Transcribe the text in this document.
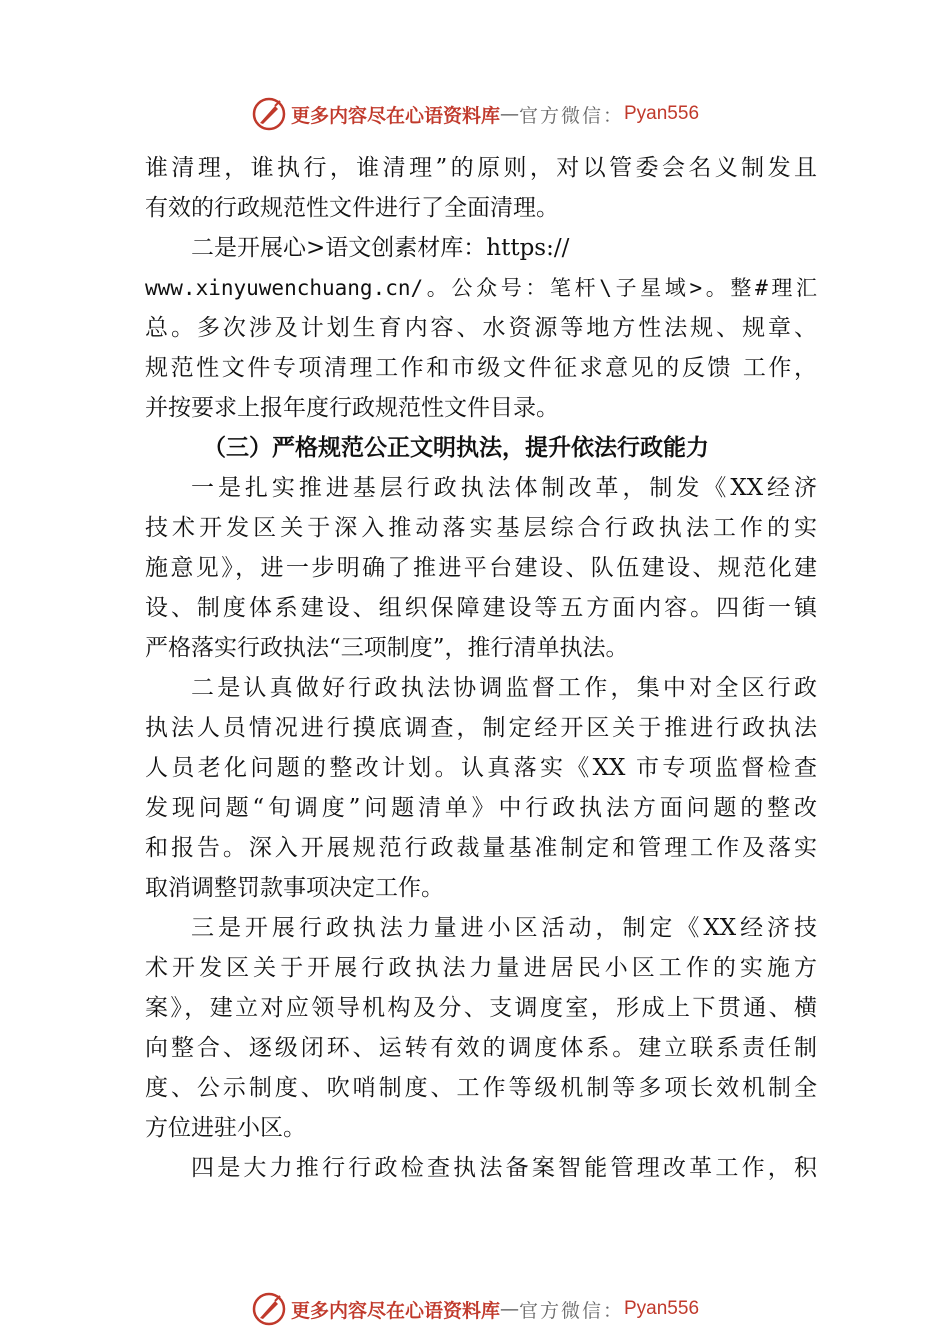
更多内容尽在心语资料库 — 官方微信： Pyan556
谁清理，谁执行，谁清理”的原则，对以管委会名义制发且
有效的行政规范性文件进行了全面清理。
二是开展心>语文创素材库：https://
www.xinyuwenchuang.cn/。公众号：笔杆\子星域>。整#理汇
总。多次涉及计划生育内容、水资源等地方性法规、规章、
规范性文件专项清理工作和市级文件征求意见的反馈 工作，
并按要求上报年度行政规范性文件目录。
（三）严格规范公正文明执法，提升依法行政能力
一是扎实推进基层行政执法体制改革，制发《XX经济
技术开发区关于深入推动落实基层综合行政执法工作的实
施意见》，进一步明确了推进平台建设、队伍建设、规范化建
设、制度体系建设、组织保障建设等五方面内容。四街一镇
严格落实行政执法“三项制度”，推行清单执法。
二是认真做好行政执法协调监督工作，集中对全区行政
执法人员情况进行摸底调查，制定经开区关于推进行政执法
人员老化问题的整改计划。认真落实《XX 市专项监督检查
发现问题“旬调度”问题清单》中行政执法方面问题的整改
和报告。深入开展规范行政裁量基准制定和管理工作及落实
取消调整罚款事项决定工作。
三是开展行政执法力量进小区活动，制定《XX经济技
术开发区关于开展行政执法力量进居民小区工作的实施方
案》，建立对应领导机构及分、支调度室，形成上下贯通、横
向整合、逐级闭环、运转有效的调度体系。建立联系责任制
度、公示制度、吹哨制度、工作等级机制等多项长效机制全
方位进驻小区。
四是大力推行行政检查执法备案智能管理改革工作，积
更多内容尽在心语资料库 — 官方微信： Pyan556
